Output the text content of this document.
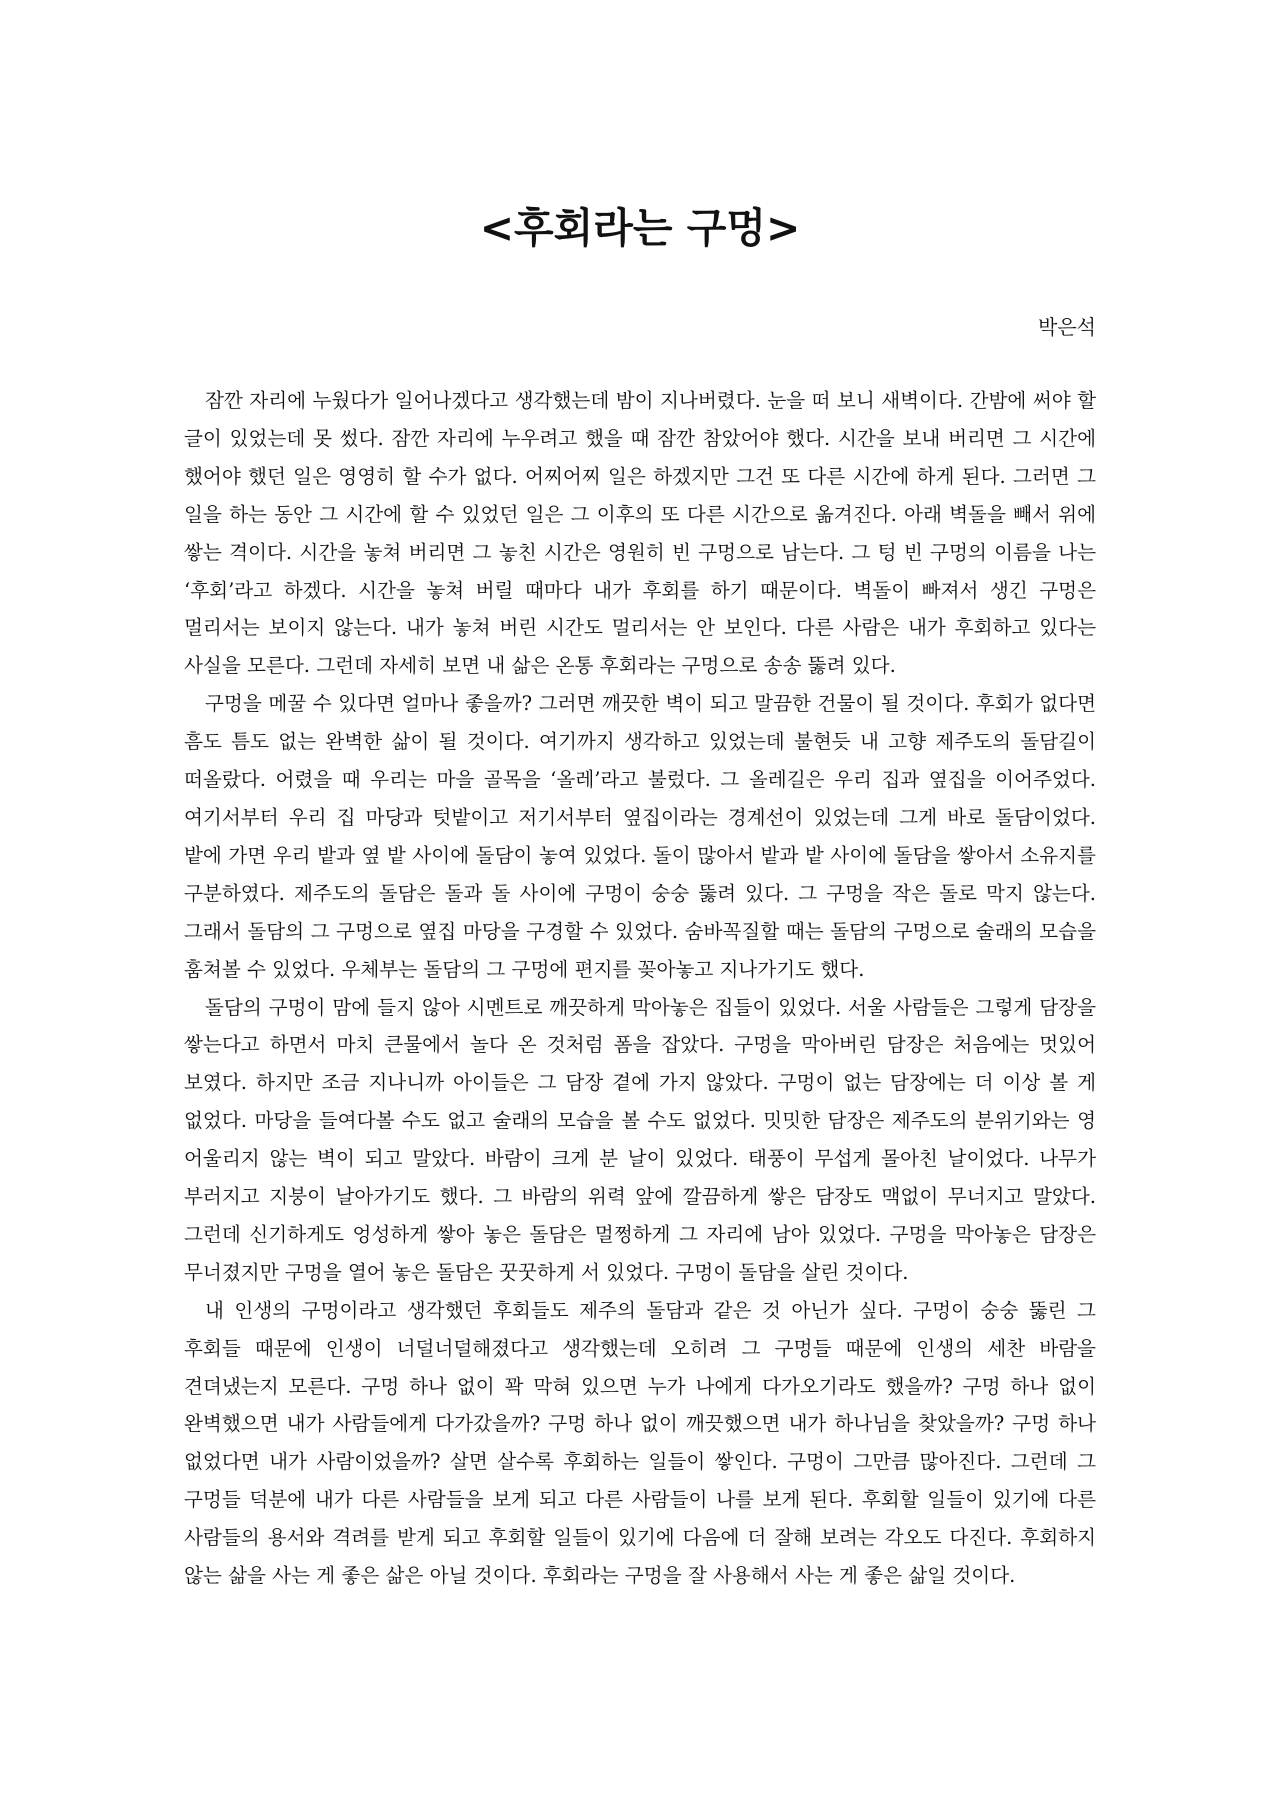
<후회라는 구멍>

박은석

잠깐 자리에 누웠다가 일어나겠다고 생각했는데 밤이 지나버렸다. 눈을 떠 보니 새벽이다. 간밤에 써야 할 글이 있었는데 못 썼다. 잠깐 자리에 누우려고 했을 때 잠깐 참았어야 했다. 시간을 보내 버리면 그 시간에 했어야 했던 일은 영영히 할 수가 없다. 어찌어찌 일은 하겠지만 그건 또 다른 시간에 하게 된다. 그러면 그 일을 하는 동안 그 시간에 할 수 있었던 일은 그 이후의 또 다른 시간으로 옮겨진다. 아래 벽돌을 빼서 위에 쌓는 격이다. 시간을 놓쳐 버리면 그 놓친 시간은 영원히 빈 구멍으로 남는다. 그 텅 빈 구멍의 이름을 나는 ‘후회’라고 하겠다. 시간을 놓쳐 버릴 때마다 내가 후회를 하기 때문이다. 벽돌이 빠져서 생긴 구멍은 멀리서는 보이지 않는다. 내가 놓쳐 버린 시간도 멀리서는 안 보인다. 다른 사람은 내가 후회하고 있다는 사실을 모른다. 그런데 자세히 보면 내 삶은 온통 후회라는 구멍으로 송송 뚫려 있다.

구멍을 메꿀 수 있다면 얼마나 좋을까? 그러면 깨끗한 벽이 되고 말끔한 건물이 될 것이다. 후회가 없다면 흠도 틈도 없는 완벽한 삶이 될 것이다. 여기까지 생각하고 있었는데 불현듯 내 고향 제주도의 돌담길이 떠올랐다. 어렸을 때 우리는 마을 골목을 ‘올레’라고 불렀다. 그 올레길은 우리 집과 옆집을 이어주었다. 여기서부터 우리 집 마당과 텃밭이고 저기서부터 옆집이라는 경계선이 있었는데 그게 바로 돌담이었다. 밭에 가면 우리 밭과 옆 밭 사이에 돌담이 놓여 있었다. 돌이 많아서 밭과 밭 사이에 돌담을 쌓아서 소유지를 구분하였다. 제주도의 돌담은 돌과 돌 사이에 구멍이 숭숭 뚫려 있다. 그 구멍을 작은 돌로 막지 않는다. 그래서 돌담의 그 구멍으로 옆집 마당을 구경할 수 있었다. 숨바꼭질할 때는 돌담의 구멍으로 술래의 모습을 훔쳐볼 수 있었다. 우체부는 돌담의 그 구멍에 편지를 꽂아놓고 지나가기도 했다.

돌담의 구멍이 맘에 들지 않아 시멘트로 깨끗하게 막아놓은 집들이 있었다. 서울 사람들은 그렇게 담장을 쌓는다고 하면서 마치 큰물에서 놀다 온 것처럼 폼을 잡았다. 구멍을 막아버린 담장은 처음에는 멋있어 보였다. 하지만 조금 지나니까 아이들은 그 담장 곁에 가지 않았다. 구멍이 없는 담장에는 더 이상 볼 게 없었다. 마당을 들여다볼 수도 없고 술래의 모습을 볼 수도 없었다. 밋밋한 담장은 제주도의 분위기와는 영 어울리지 않는 벽이 되고 말았다. 바람이 크게 분 날이 있었다. 태풍이 무섭게 몰아친 날이었다. 나무가 부러지고 지붕이 날아가기도 했다. 그 바람의 위력 앞에 깔끔하게 쌓은 담장도 맥없이 무너지고 말았다. 그런데 신기하게도 엉성하게 쌓아 놓은 돌담은 멀쩡하게 그 자리에 남아 있었다. 구멍을 막아놓은 담장은 무너졌지만 구멍을 열어 놓은 돌담은 꿋꿋하게 서 있었다. 구멍이 돌담을 살린 것이다.

내 인생의 구멍이라고 생각했던 후회들도 제주의 돌담과 같은 것 아닌가 싶다. 구멍이 숭숭 뚫린 그 후회들 때문에 인생이 너덜너덜해졌다고 생각했는데 오히려 그 구멍들 때문에 인생의 세찬 바람을 견뎌냈는지 모른다. 구멍 하나 없이 꽉 막혀 있으면 누가 나에게 다가오기라도 했을까? 구멍 하나 없이 완벽했으면 내가 사람들에게 다가갔을까? 구멍 하나 없이 깨끗했으면 내가 하나님을 찾았을까? 구멍 하나 없었다면 내가 사람이었을까? 살면 살수록 후회하는 일들이 쌓인다. 구멍이 그만큼 많아진다. 그런데 그 구멍들 덕분에 내가 다른 사람들을 보게 되고 다른 사람들이 나를 보게 된다. 후회할 일들이 있기에 다른 사람들의 용서와 격려를 받게 되고 후회할 일들이 있기에 다음에 더 잘해 보려는 각오도 다진다. 후회하지 않는 삶을 사는 게 좋은 삶은 아닐 것이다. 후회라는 구멍을 잘 사용해서 사는 게 좋은 삶일 것이다.
